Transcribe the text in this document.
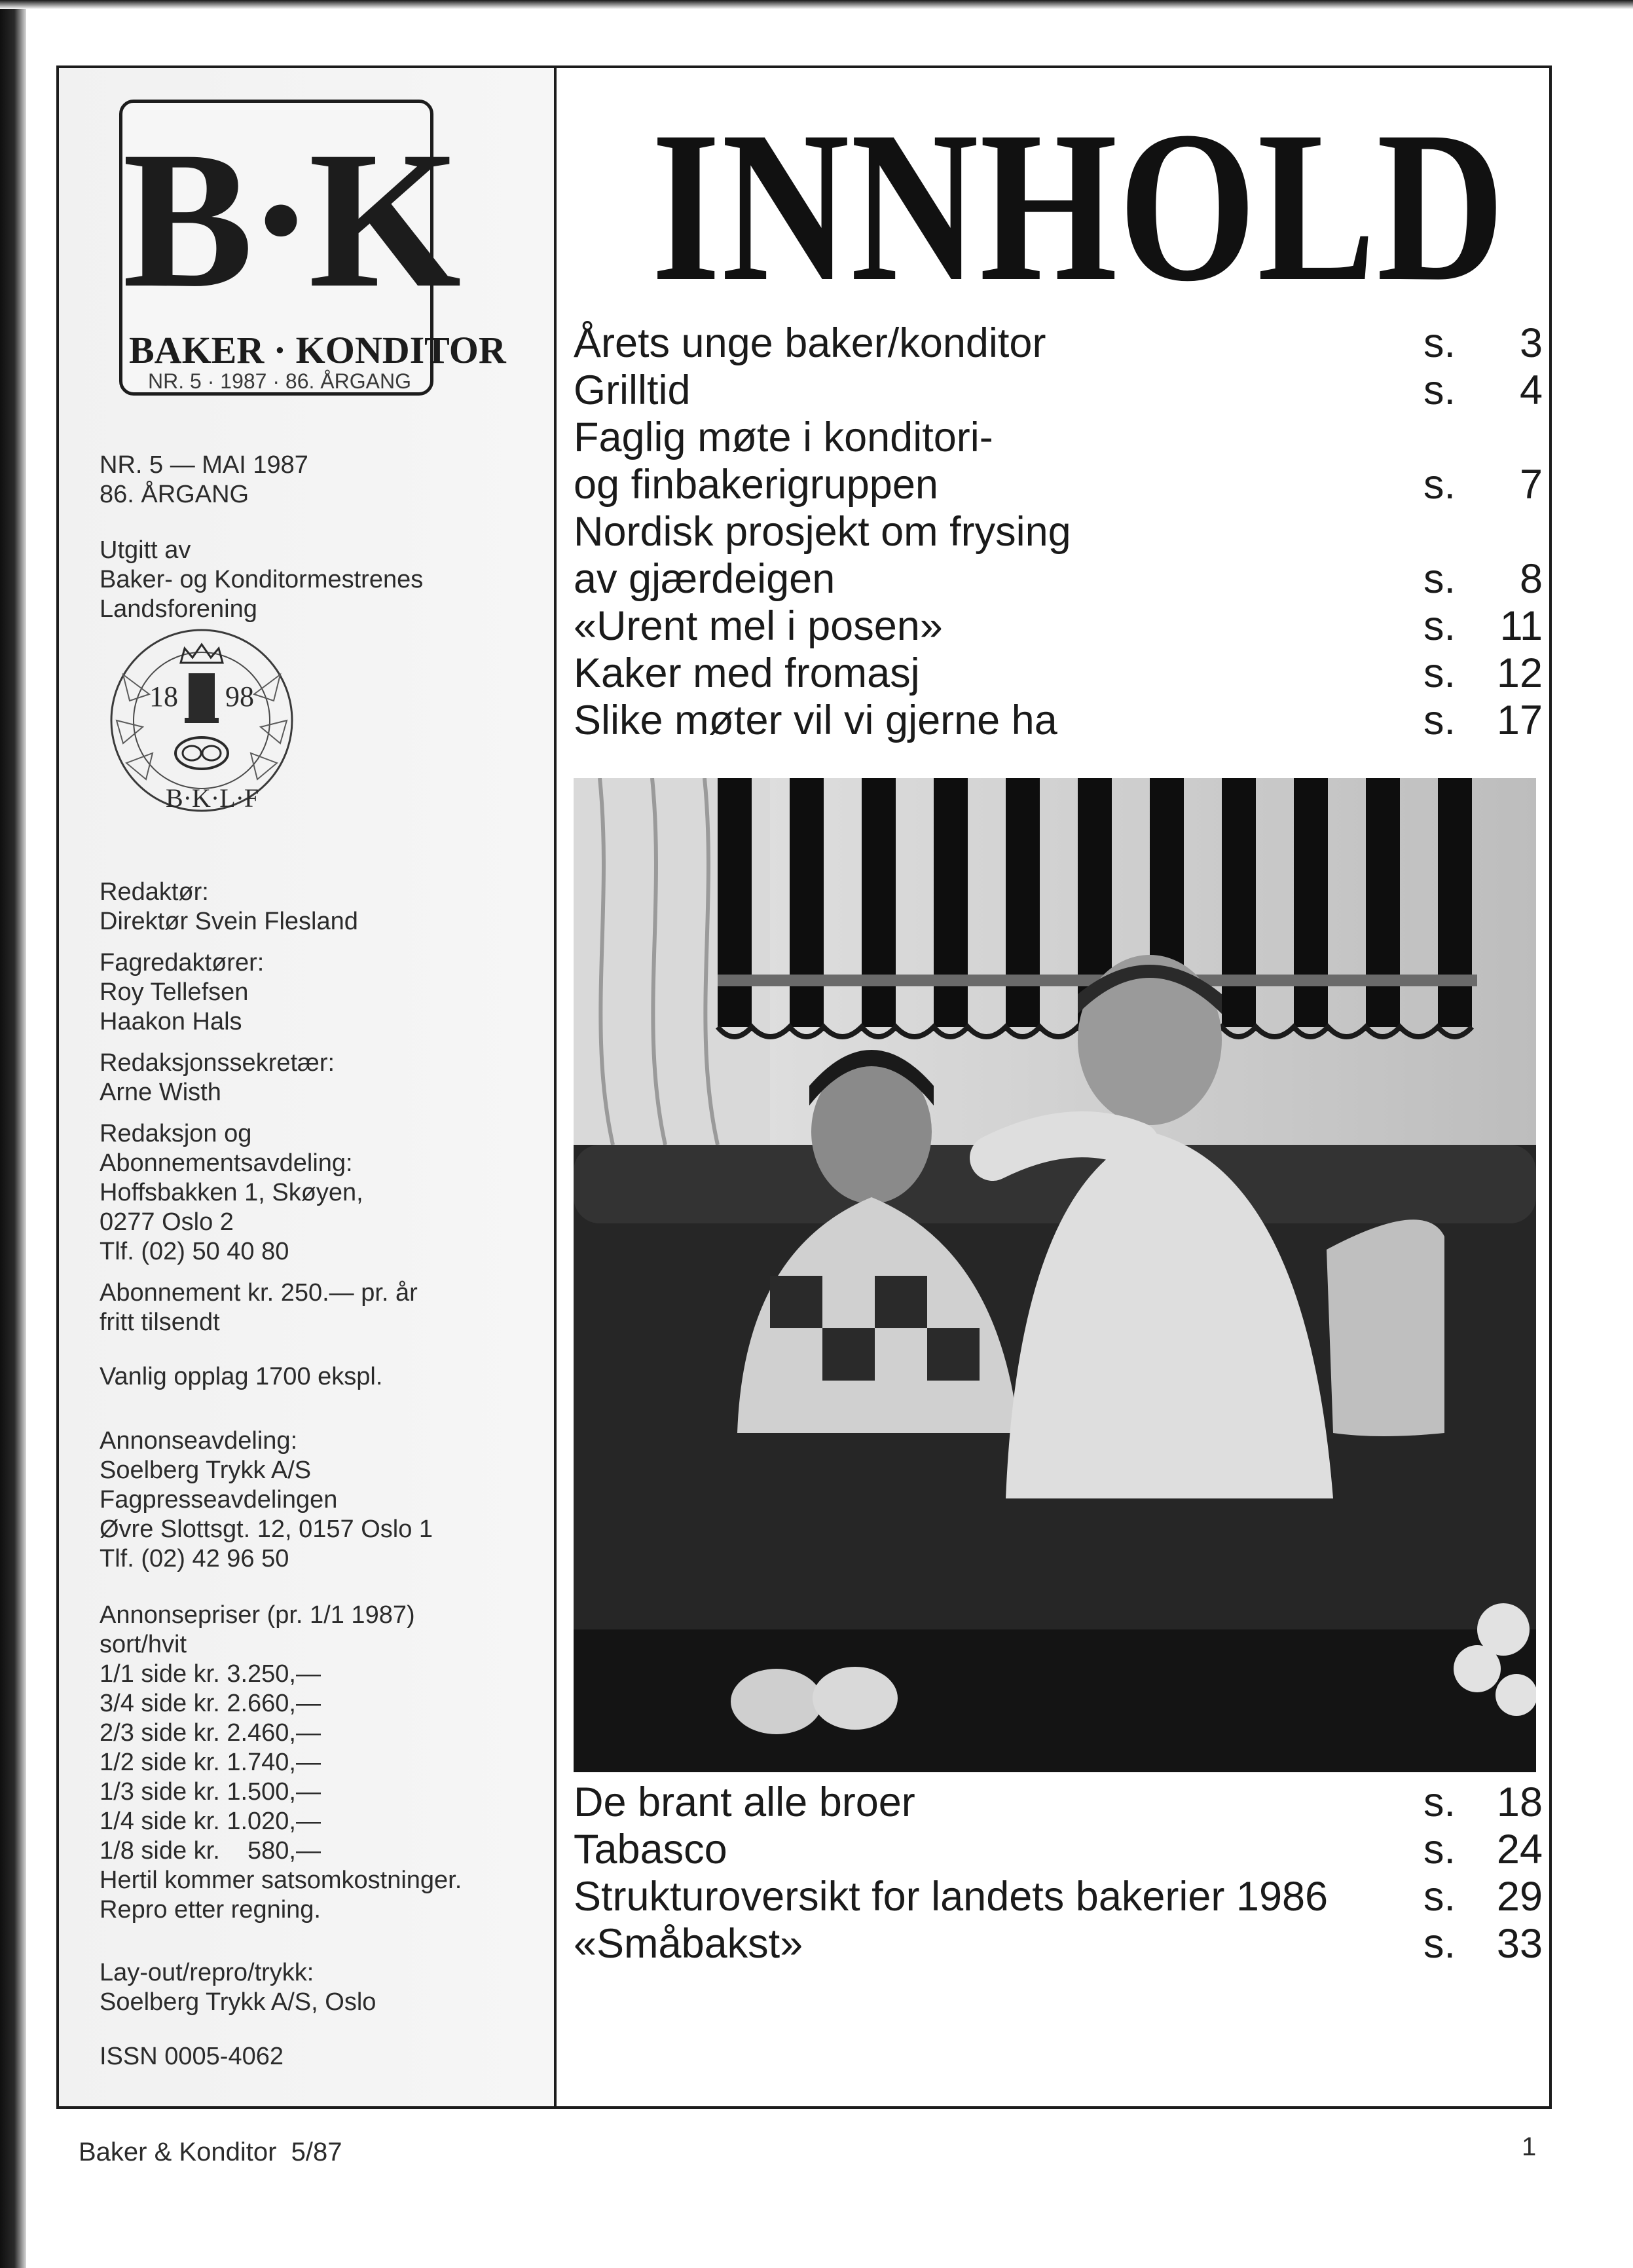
B·K
BAKER · KONDITOR
NR. 5 · 1987 · 86. ÅRGANG
NR. 5 — MAI 1987
86. ÅRGANG
Utgitt av
Baker- og Konditormestrenes
Landsforening
18 98
B·K·L·F
Redaktør:
Direktør Svein Flesland
Fagredaktører:
Roy Tellefsen
Haakon Hals
Redaksjonssekretær:
Arne Wisth
Redaksjon og
Abonnementsavdeling:
Hoffsbakken 1, Skøyen,
0277 Oslo 2
Tlf. (02) 50 40 80
Abonnement kr. 250.— pr. år
fritt tilsendt
Vanlig opplag 1700 ekspl.
Annonseavdeling:
Soelberg Trykk A/S
Fagpresseavdelingen
Øvre Slottsgt. 12, 0157 Oslo 1
Tlf. (02) 42 96 50
Annonsepriser (pr. 1/1 1987)
sort/hvit
1/1 side kr. 3.250,—
3/4 side kr. 2.660,—
2/3 side kr. 2.460,—
1/2 side kr. 1.740,—
1/3 side kr. 1.500,—
1/4 side kr. 1.020,—
1/8 side kr.    580,—
Hertil kommer satsomkostninger.
Repro etter regning.
Lay-out/repro/trykk:
Soelberg Trykk A/S, Oslo
ISSN 0005-4062
INNHOLD
Årets unge baker/konditor	s. 3
Grilltid	s. 4
Faglig møte i konditori-
og finbakerigruppen	s. 7
Nordisk prosjekt om frysing
av gjærdeigen	s. 8
«Urent mel i posen»	s. 11
Kaker med fromasj	s. 12
Slike møter vil vi gjerne ha	s. 17
De brant alle broer	s. 18
Tabasco	s. 24
Strukturoversikt for landets bakerier 1986 s. 29
«Småbakst»	s. 33
Baker & Konditor  5/87	1
